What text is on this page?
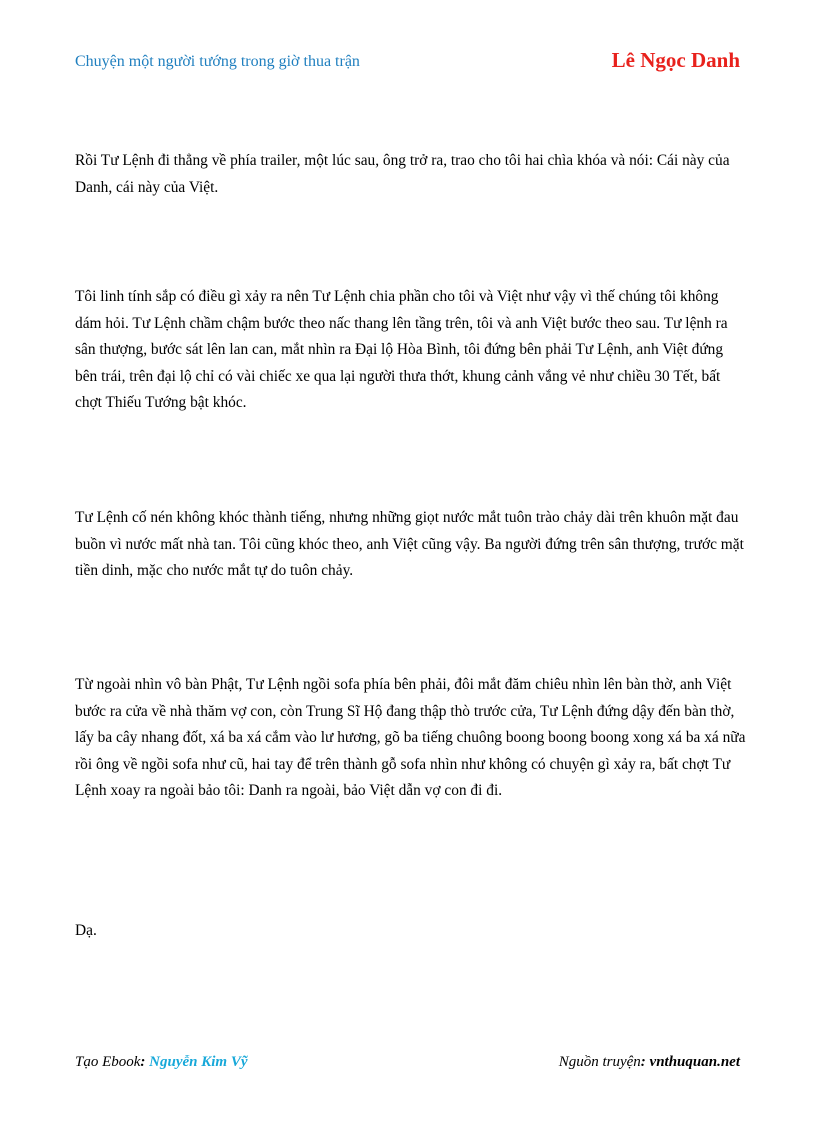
Chuyện một người tướng trong giờ thua trận	Lê Ngọc Danh

Rồi Tư Lệnh đi thẳng về phía trailer, một lúc sau, ông trở ra, trao cho tôi hai chìa khóa và nói: Cái này của Danh, cái này của Việt.

Tôi linh tính sắp có điều gì xảy ra nên Tư Lệnh chia phần cho tôi và Việt như vậy vì thế chúng tôi không dám hỏi. Tư Lệnh chầm chậm bước theo nấc thang lên tầng trên, tôi và anh Việt bước theo sau. Tư lệnh ra sân thượng, bước sát lên lan can, mắt nhìn ra Đại lộ Hòa Bình, tôi đứng bên phải Tư Lệnh, anh Việt đứng bên trái, trên đại lộ chỉ có vài chiếc xe qua lại người thưa thớt, khung cảnh vắng vẻ như chiều 30 Tết, bất chợt Thiếu Tướng bật khóc.

Tư Lệnh cố nén không khóc thành tiếng, nhưng những giọt nước mắt tuôn trào chảy dài trên khuôn mặt đau buồn vì nước mất nhà tan. Tôi cũng khóc theo, anh Việt cũng vậy. Ba người đứng trên sân thượng, trước mặt tiền dinh, mặc cho nước mắt tự do tuôn chảy.

Từ ngoài nhìn vô bàn Phật, Tư Lệnh ngồi sofa phía bên phải, đôi mắt đăm chiêu nhìn lên bàn thờ, anh Việt bước ra cửa về nhà thăm vợ con, còn Trung Sĩ Hộ đang thập thò trước cửa, Tư Lệnh đứng dậy đến bàn thờ, lấy ba cây nhang đốt, xá ba xá cắm vào lư hương, gõ ba tiếng chuông boong boong boong xong xá ba xá nữa rồi ông về ngồi sofa như cũ, hai tay để trên thành gỗ sofa nhìn như không có chuyện gì xảy ra, bất chợt Tư Lệnh xoay ra ngoài bảo tôi: Danh ra ngoài, bảo Việt dẫn vợ con đi đi.

Dạ.

Tạo Ebook: Nguyễn Kim Vỹ	Nguồn truyện: vnthuquan.net
